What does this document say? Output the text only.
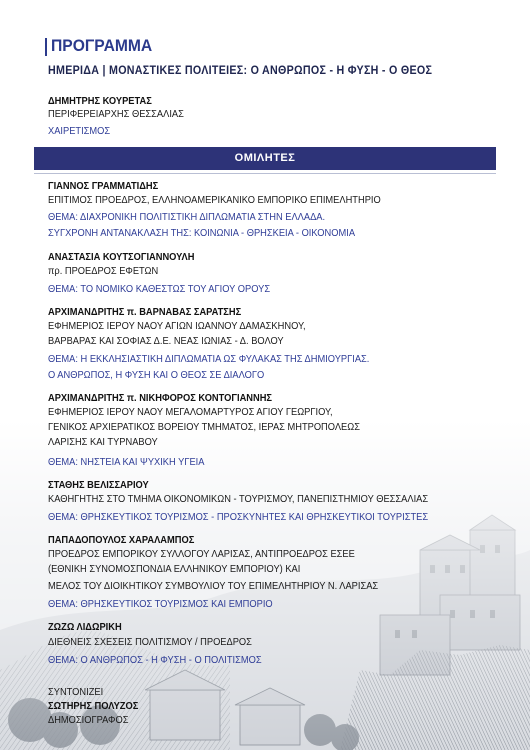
ΠΡΟΓΡΑΜΜΑ
ΗΜΕΡΙΔΑ | ΜΟΝΑΣΤΙΚΕΣ ΠΟΛΙΤΕΙΕΣ: Ο ΑΝΘΡΩΠΟΣ - Η ΦΥΣΗ - Ο ΘΕΟΣ
ΔΗΜΗΤΡΗΣ ΚΟΥΡΕΤΑΣ
ΠΕΡΙΦΕΡΕΙΑΡΧΗΣ ΘΕΣΣΑΛΙΑΣ
ΧΑΙΡΕΤΙΣΜΟΣ
ΟΜΙΛΗΤΕΣ
ΓΙΑΝΝΟΣ ΓΡΑΜΜΑΤΙΔΗΣ
ΕΠΙΤΙΜΟΣ ΠΡΟΕΔΡΟΣ, ΕΛΛΗΝΟΑΜΕΡΙΚΑΝΙΚΟ ΕΜΠΟΡΙΚΟ ΕΠΙΜΕΛΗΤΗΡΙΟ
ΘΕΜΑ: ΔΙΑΧΡΟΝΙΚΗ ΠΟΛΙΤΙΣΤΙΚΗ ΔΙΠΛΩΜΑΤΙΑ ΣΤΗΝ ΕΛΛΑΔΑ.
ΣΥΓΧΡΟΝΗ ΑΝΤΑΝΑΚΛΑΣΗ ΤΗΣ: ΚΟΙΝΩΝΙΑ - ΘΡΗΣΚΕΙΑ - ΟΙΚΟΝΟΜΙΑ
ΑΝΑΣΤΑΣΙΑ ΚΟΥΤΣΟΓΙΑΝΝΟΥΛΗ
πρ. ΠΡΟΕΔΡΟΣ ΕΦΕΤΩΝ
ΘΕΜΑ: ΤΟ ΝΟΜΙΚΟ ΚΑΘΕΣΤΩΣ ΤΟΥ ΑΓΙΟΥ ΟΡΟΥΣ
ΑΡΧΙΜΑΝΔΡΙΤΗΣ π. ΒΑΡΝΑΒΑΣ ΣΑΡΑΤΣΗΣ
ΕΦΗΜΕΡΙΟΣ ΙΕΡΟΥ ΝΑΟΥ ΑΓΙΩΝ ΙΩΑΝΝΟΥ ΔΑΜΑΣΚΗΝΟΥ,
ΒΑΡΒΑΡΑΣ ΚΑΙ ΣΟΦΙΑΣ Δ.Ε. ΝΕΑΣ ΙΩΝΙΑΣ - Δ. ΒΟΛΟΥ
ΘΕΜΑ: Η ΕΚΚΛΗΣΙΑΣΤΙΚΗ ΔΙΠΛΩΜΑΤΙΑ ΩΣ ΦΥΛΑΚΑΣ ΤΗΣ ΔΗΜΙΟΥΡΓΙΑΣ.
Ο ΑΝΘΡΩΠΟΣ, Η ΦΥΣΗ ΚΑΙ Ο ΘΕΟΣ ΣΕ ΔΙΑΛΟΓΟ
ΑΡΧΙΜΑΝΔΡΙΤΗΣ π. ΝΙΚΗΦΟΡΟΣ ΚΟΝΤΟΓΙΑΝΝΗΣ
ΕΦΗΜΕΡΙΟΣ ΙΕΡΟΥ ΝΑΟΥ ΜΕΓΑΛΟΜΑΡΤΥΡΟΣ ΑΓΙΟΥ ΓΕΩΡΓΙΟΥ,
ΓΕΝΙΚΟΣ ΑΡΧΙΕΡΑΤΙΚΟΣ ΒΟΡΕΙΟΥ ΤΜΗΜΑΤΟΣ, ΙΕΡΑΣ ΜΗΤΡΟΠΟΛΕΩΣ
ΛΑΡΙΣΗΣ ΚΑΙ ΤΥΡΝΑΒΟΥ
ΘΕΜΑ: ΝΗΣΤΕΙΑ ΚΑΙ ΨΥΧΙΚΗ ΥΓΕΙΑ
ΣΤΑΘΗΣ ΒΕΛΙΣΣΑΡΙΟΥ
ΚΑΘΗΓΗΤΗΣ ΣΤΟ ΤΜΗΜΑ ΟΙΚΟΝΟΜΙΚΩΝ - ΤΟΥΡΙΣΜΟΥ, ΠΑΝΕΠΙΣΤΗΜΙΟΥ ΘΕΣΣΑΛΙΑΣ
ΘΕΜΑ: ΘΡΗΣΚΕΥΤΙΚΟΣ ΤΟΥΡΙΣΜΟΣ - ΠΡΟΣΚΥΝΗΤΕΣ ΚΑΙ ΘΡΗΣΚΕΥΤΙΚΟΙ ΤΟΥΡΙΣΤΕΣ
ΠΑΠΑΔΟΠΟΥΛΟΣ ΧΑΡΑΛΑΜΠΟΣ
ΠΡΟΕΔΡΟΣ ΕΜΠΟΡΙΚΟΥ ΣΥΛΛΟΓΟΥ ΛΑΡΙΣΑΣ, ΑΝΤΙΠΡΟΕΔΡΟΣ ΕΣΕΕ
(ΕΘΝΙΚΗ ΣΥΝΟΜΟΣΠΟΝΔΙΑ ΕΛΛΗΝΙΚΟΥ ΕΜΠΟΡΙΟΥ) ΚΑΙ
ΜΕΛΟΣ ΤΟΥ ΔΙΟΙΚΗΤΙΚΟΥ ΣΥΜΒΟΥΛΙΟΥ ΤΟΥ ΕΠΙΜΕΛΗΤΗΡΙΟΥ Ν. ΛΑΡΙΣΑΣ
ΘΕΜΑ: ΘΡΗΣΚΕΥΤΙΚΟΣ ΤΟΥΡΙΣΜΟΣ ΚΑΙ ΕΜΠΟΡΙΟ
ΖΩΖΩ ΛΙΔΩΡΙΚΗ
ΔΙΕΘΝΕΙΣ ΣΧΕΣΕΙΣ ΠΟΛΙΤΙΣΜΟΥ / ΠΡΟΕΔΡΟΣ
ΘΕΜΑ: Ο ΑΝΘΡΩΠΟΣ - Η ΦΥΣΗ - Ο ΠΟΛΙΤΙΣΜΟΣ
ΣΥΝΤΟΝΙΖΕΙ
ΣΩΤΗΡΗΣ ΠΟΛΥΖΟΣ
ΔΗΜΟΣΙΟΓΡΑΦΟΣ
